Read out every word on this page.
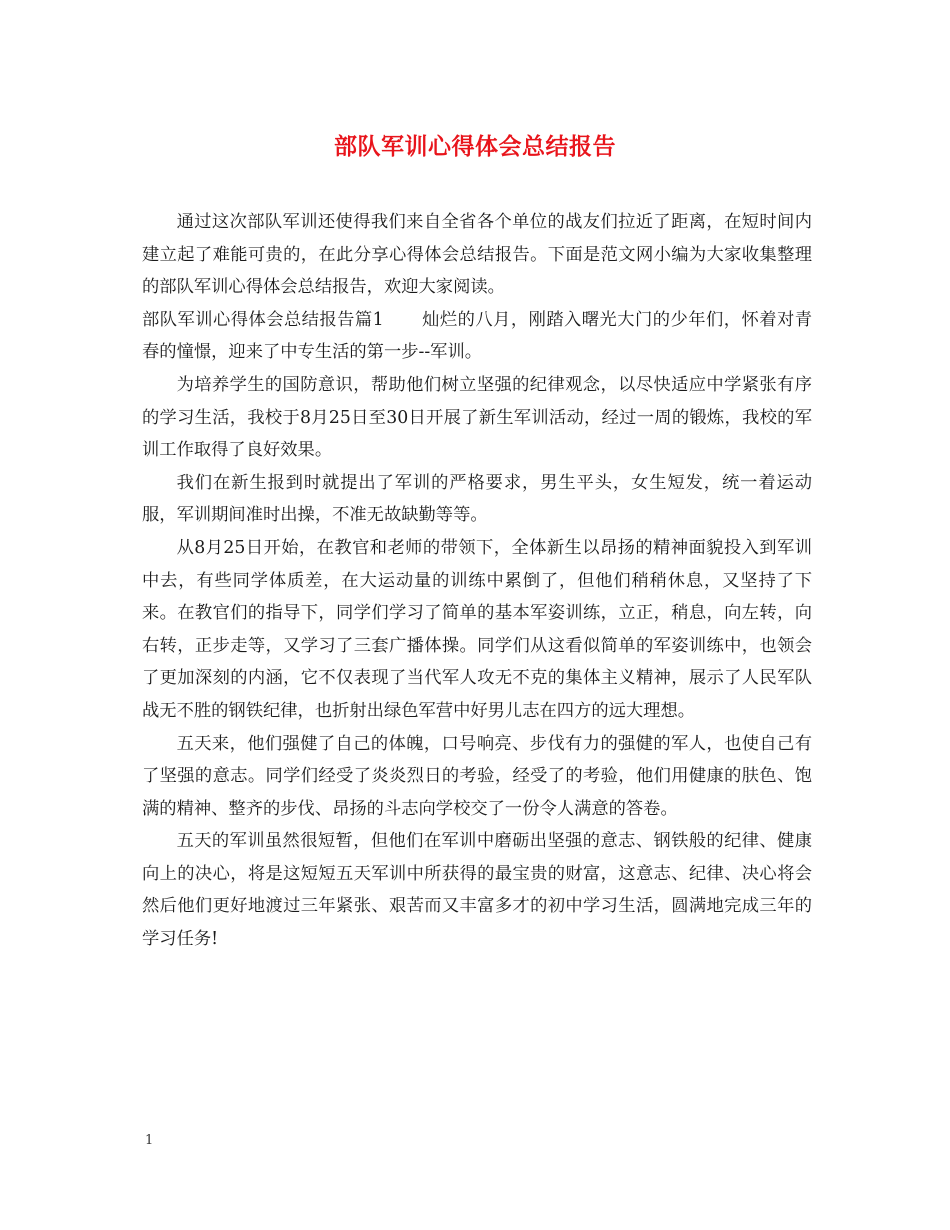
部队军训心得体会总结报告

通过这次部队军训还使得我们来自全省各个单位的战友们拉近了距离，在短时间内建立起了难能可贵的，在此分享心得体会总结报告。下面是范文网小编为大家收集整理的部队军训心得体会总结报告，欢迎大家阅读。

部队军训心得体会总结报告篇1 灿烂的八月，刚踏入曙光大门的少年们，怀着对青春的憧憬，迎来了中专生活的第一步--军训。

为培养学生的国防意识，帮助他们树立坚强的纪律观念，以尽快适应中学紧张有序的学习生活，我校于8月25日至30日开展了新生军训活动，经过一周的锻炼，我校的军训工作取得了良好效果。

我们在新生报到时就提出了军训的严格要求，男生平头，女生短发，统一着运动服，军训期间准时出操，不准无故缺勤等等。

从8月25日开始，在教官和老师的带领下，全体新生以昂扬的精神面貌投入到军训中去，有些同学体质差，在大运动量的训练中累倒了，但他们稍稍休息，又坚持了下来。在教官们的指导下，同学们学习了简单的基本军姿训练，立正，稍息，向左转，向右转，正步走等，又学习了三套广播体操。同学们从这看似简单的军姿训练中，也领会了更加深刻的内涵，它不仅表现了当代军人攻无不克的集体主义精神，展示了人民军队战无不胜的钢铁纪律，也折射出绿色军营中好男儿志在四方的远大理想。

五天来，他们强健了自己的体魄，口号响亮、步伐有力的强健的军人，也使自己有了坚强的意志。同学们经受了炎炎烈日的考验，经受了的考验，他们用健康的肤色、饱满的精神、整齐的步伐、昂扬的斗志向学校交了一份令人满意的答卷。

五天的军训虽然很短暂，但他们在军训中磨砺出坚强的意志、钢铁般的纪律、健康向上的决心，将是这短短五天军训中所获得的最宝贵的财富，这意志、纪律、决心将会然后他们更好地渡过三年紧张、艰苦而又丰富多才的初中学习生活，圆满地完成三年的学习任务!

1
